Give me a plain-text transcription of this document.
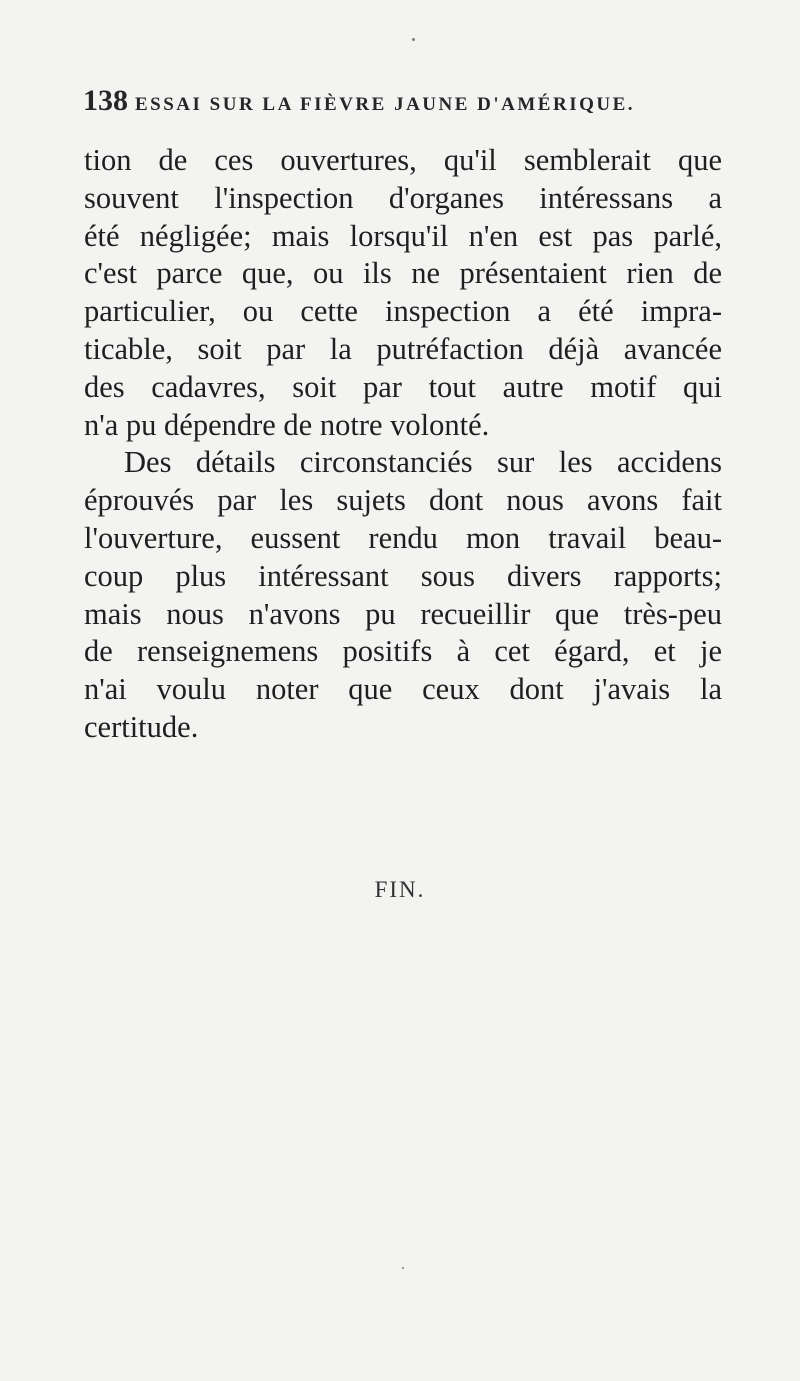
138 ESSAI SUR LA FIÈVRE JAUNE D'AMÉRIQUE.
tion de ces ouvertures, qu'il semblerait que
souvent l'inspection d'organes intéressans a
été négligée; mais lorsqu'il n'en est pas parlé,
c'est parce que, ou ils ne présentaient rien de
particulier, ou cette inspection a été impra-
ticable, soit par la putréfaction déjà avancée
des cadavres, soit par tout autre motif qui
n'a pu dépendre de notre volonté.
Des détails circonstanciés sur les accidens
éprouvés par les sujets dont nous avons fait
l'ouverture, eussent rendu mon travail beau-
coup plus intéressant sous divers rapports;
mais nous n'avons pu recueillir que très-peu
de renseignemens positifs à cet égard, et je
n'ai voulu noter que ceux dont j'avais la
certitude.
FIN.
